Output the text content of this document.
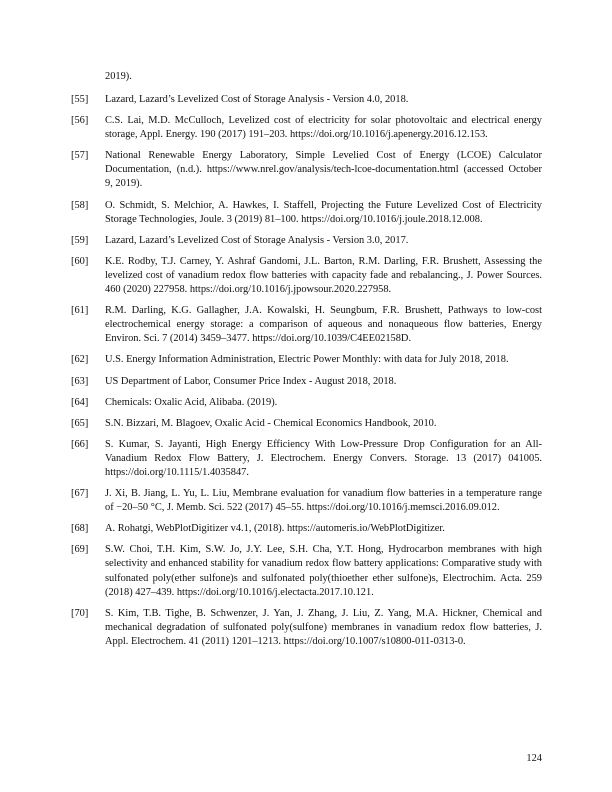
2019).

[55] Lazard, Lazard’s Levelized Cost of Storage Analysis - Version 4.0, 2018.
[56] C.S. Lai, M.D. McCulloch, Levelized cost of electricity for solar photovoltaic and electrical energy storage, Appl. Energy. 190 (2017) 191–203. https://doi.org/10.1016/j.apenergy.2016.12.153.
[57] National Renewable Energy Laboratory, Simple Levelied Cost of Energy (LCOE) Calculator Documentation, (n.d.). https://www.nrel.gov/analysis/tech-lcoe-documentation.html (accessed October 9, 2019).
[58] O. Schmidt, S. Melchior, A. Hawkes, I. Staffell, Projecting the Future Levelized Cost of Electricity Storage Technologies, Joule. 3 (2019) 81–100. https://doi.org/10.1016/j.joule.2018.12.008.
[59] Lazard, Lazard’s Levelized Cost of Storage Analysis - Version 3.0, 2017.
[60] K.E. Rodby, T.J. Carney, Y. Ashraf Gandomi, J.L. Barton, R.M. Darling, F.R. Brushett, Assessing the levelized cost of vanadium redox flow batteries with capacity fade and rebalancing., J. Power Sources. 460 (2020) 227958. https://doi.org/10.1016/j.jpowsour.2020.227958.
[61] R.M. Darling, K.G. Gallagher, J.A. Kowalski, H. Seungbum, F.R. Brushett, Pathways to low-cost electrochemical energy storage: a comparison of aqueous and nonaqueous flow batteries, Energy Environ. Sci. 7 (2014) 3459–3477. https://doi.org/10.1039/C4EE02158D.
[62] U.S. Energy Information Administration, Electric Power Monthly: with data for July 2018, 2018.
[63] US Department of Labor, Consumer Price Index - August 2018, 2018.
[64] Chemicals: Oxalic Acid, Alibaba. (2019).
[65] S.N. Bizzari, M. Blagoev, Oxalic Acid - Chemical Economics Handbook, 2010.
[66] S. Kumar, S. Jayanti, High Energy Efficiency With Low-Pressure Drop Configuration for an All-Vanadium Redox Flow Battery, J. Electrochem. Energy Convers. Storage. 13 (2017) 041005. https://doi.org/10.1115/1.4035847.
[67] J. Xi, B. Jiang, L. Yu, L. Liu, Membrane evaluation for vanadium flow batteries in a temperature range of −20–50 °C, J. Memb. Sci. 522 (2017) 45–55. https://doi.org/10.1016/j.memsci.2016.09.012.
[68] A. Rohatgi, WebPlotDigitizer v4.1, (2018). https://automeris.io/WebPlotDigitizer.
[69] S.W. Choi, T.H. Kim, S.W. Jo, J.Y. Lee, S.H. Cha, Y.T. Hong, Hydrocarbon membranes with high selectivity and enhanced stability for vanadium redox flow battery applications: Comparative study with sulfonated poly(ether sulfone)s and sulfonated poly(thioether ether sulfone)s, Electrochim. Acta. 259 (2018) 427–439. https://doi.org/10.1016/j.electacta.2017.10.121.
[70] S. Kim, T.B. Tighe, B. Schwenzer, J. Yan, J. Zhang, J. Liu, Z. Yang, M.A. Hickner, Chemical and mechanical degradation of sulfonated poly(sulfone) membranes in vanadium redox flow batteries, J. Appl. Electrochem. 41 (2011) 1201–1213. https://doi.org/10.1007/s10800-011-0313-0.
124
